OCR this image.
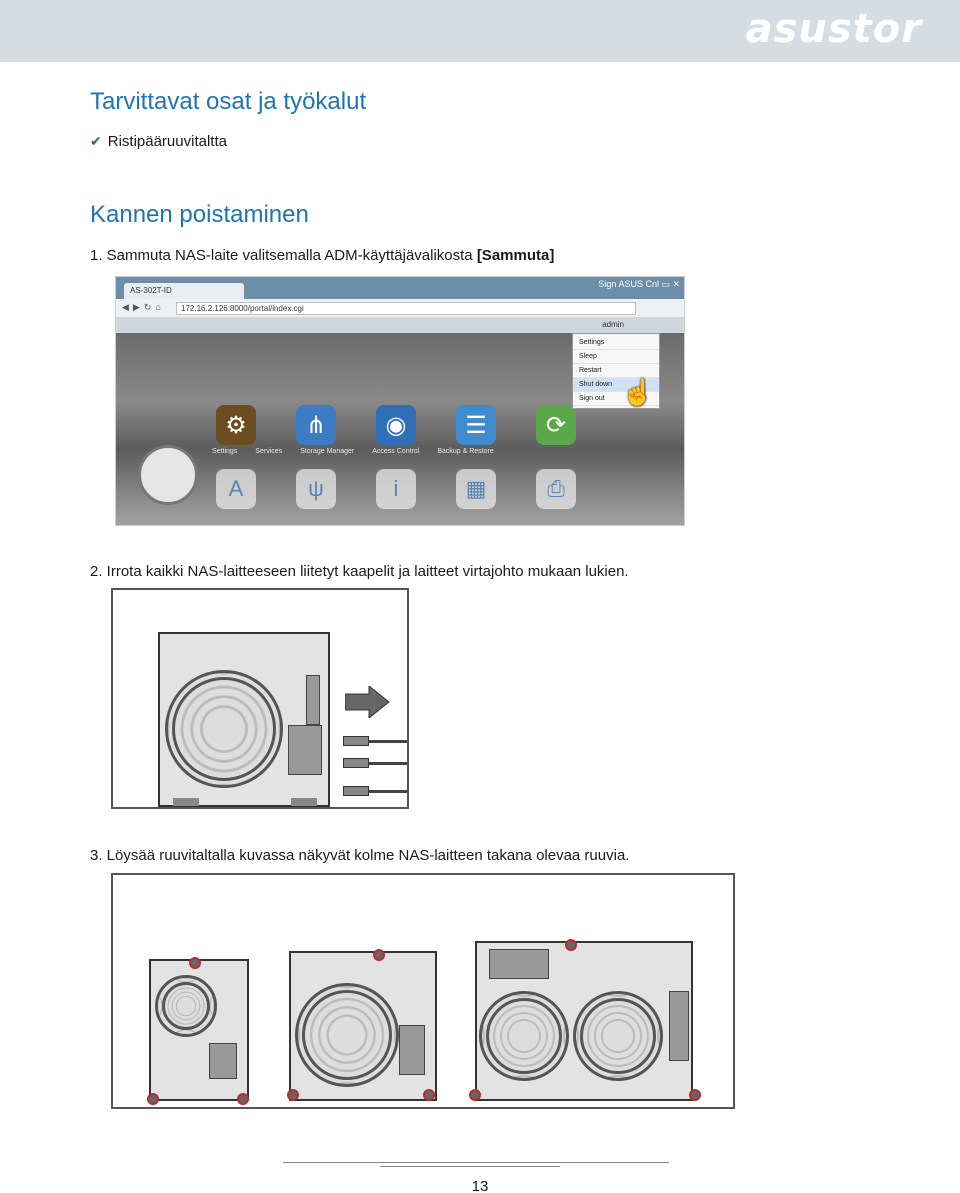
asustor
Tarvittavat osat ja työkalut
✔ Ristipääruuvitaltta
Kannen poistaminen
1. Sammuta NAS-laite valitsemalla ADM-käyttäjävalikosta [Sammuta]
AS-302T-ID
Sign ASUS Cnl ▭ ✕
◀▶↻⌂	172.16.2.126:8000/portal/index.cgi
admin
⚙	⋔	◉	☰	⟳
Settings	Services	Storage Manager	Access Control	Backup & Restore
A	ψ	i	▦	⎙
Settings
Sleep
Restart
Shut down
Sign out ☝
2. Irrota kaikki NAS-laitteeseen liitetyt kaapelit ja laitteet virtajohto mukaan lukien.
3. Löysää ruuvitaltalla kuvassa näkyvät kolme NAS-laitteen takana olevaa ruuvia.
13
